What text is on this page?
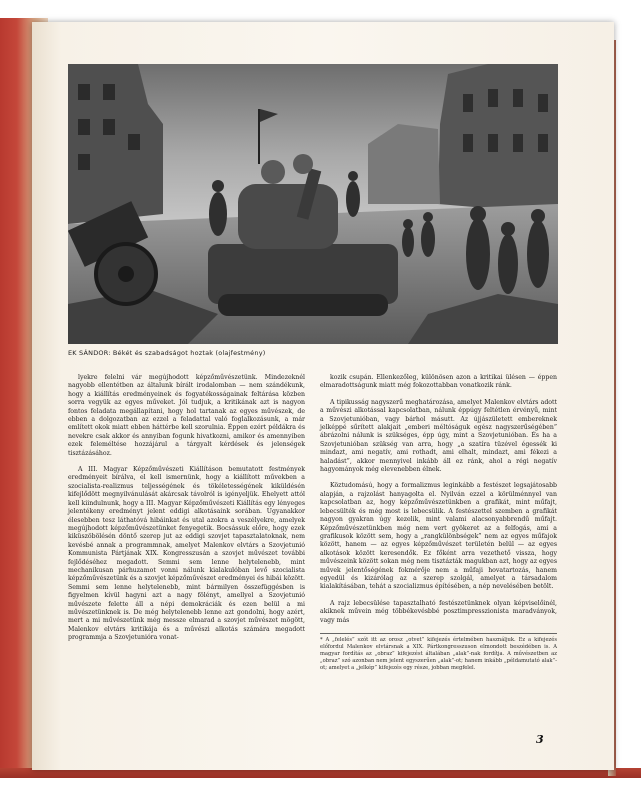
EK SÁNDOR: Békét és szabadságot hoztak (olajfestmény)

lyekre felelni vár megújhodott képzőművészetünk. Mindezeknél nagyobb ellentétben az általunk bírált irodalomban — nem szándékunk, hogy a kiállítás eredményeinek és fogyatékosságainak feltárása közben sorra vegyük az egyes műveket. Jól tudjuk, a kritikának azt is nagyon fontos feladata megállapítani, hogy hol tartanak az egyes művészek, de ebben a dolgozatban az ezzel a feladattal való foglalkozásunk, a már említett okok miatt ebben háttérbe kell szorulnia. Éppen ezért példákra és nevekre csak akkor és annyiban fogunk hivatkozni, amikor és amennyiben ezek feleméltése hozzájárul a tárgyalt kérdések és jelenségek tisztázásához.

A III. Magyar Képzőművészeti Kiállításon bemutatott festmények eredményeit bírálva, el kell ismernünk, hogy a kiállított művekben a szocialista-realizmus teljességének és tökéletességének kiküldésén kifejlődött megnyilvánulását akárcsak távolról is igényeljük. Ehelyett attól kell kiindulnunk, hogy a III. Magyar Képzőművészeti Kiállítás egy lényeges jelentékeny eredményt jelent eddigi alkotásaink sorában. Ugyanakkor élesebben tesz láthatóvá hibáinkat és utal azokra a veszélyekre, amelyek megújhodott képzőművészetünket fenyegetik. Bocsássuk előre, hogy ezek kiküszöbölésén döntő szerep jut az eddigi szovjet tapasztalatoknak, nem kevésbé annak a programmnak, amelyet Malenkov elvtárs a Szovjetunió Kommunista Pártjának XIX. Kongresszusán a szovjet művészet további fejlődéséhez megadott. Semmi sem lenne helytelenebb, mint mechanikusan párhuzamot vonni nálunk kialakulóban levő szocialista képzőművészetünk és a szovjet képzőművészet eredményei és hibái között. Semmi sem lenne helytelenebb, mint bármilyen összefüggésben is figyelmen kívül hagyni azt a nagy fölényt, amellyel a Szovjetunió művészete felette áll a népi demokráciák és ezen belül a mi művészetünknek is. De még helytelenebb lenne azt gondolni, hogy azért, mert a mi művészetünk még messze elmarad a szovjet művészet mögött, Malenkov elvtárs kritikája és a művészi alkotás számára megadott programmja a Szovjetunióra vonat-

kozik csupán. Ellenkezőleg, különösen azon a kritikai ülésen — éppen elmaradottságunk miatt még fokozottabban vonatkozik ránk.

A tipikusság nagyszerű meghatározása, amelyet Malenkov elvtárs adott a művészi alkotással kapcsolatban, nálunk éppúgy feltétlen érvényű, mint a Szovjetunióban, vagy bárhol másutt. Az újjászületett embereknek jelképpé sűrített alakjait „emberi méltóságuk egész nagyszerűségében” ábrázolni nálunk is szükséges, épp úgy, mint a Szovjetunióban. És ha a Szovjetunióban szükség van arra, hogy „a szatíra tüzével égessék ki mindazt, ami negatív, ami rothadt, ami elhalt, mindazt, ami fékezi a haladást”, akkor mennyivel inkább áll ez ránk, ahol a régi negatív hagyományok még elevenebben élnek.

Köztudomású, hogy a formalizmus leginkább a festészet legsajátosabb alapján, a rajzolást hanyagolta el. Nyilván ezzel a körülménnyel van kapcsolatban az, hogy képzőművészetünkben a grafikát, mint műfajt, lebecsülték és még most is lebecsülik. A festészettel szemben a grafikát nagyon gyakran úgy kezelik, mint valami alacsonyabbrendű műfajt. Képzőművészetünkben még nem vert gyökeret az a felfogás, ami a grafikusok között sem, hogy a „rangkülönbségek” nem az egyes műfajok között, hanem — az egyes képzőművészet területén belül — az egyes alkotások között keresendők. Ez főként arra vezethető vissza, hogy művészeink között sokan még nem tisztázták magukban azt, hogy az egyes művek jelentőségének fokmérője nem a műfaji hovatartozás, hanem egyedül és kizárólag az a szerep szolgál, amelyet a társadalom kialakításában, tehát a szocializmus építésében, a nép nevelésében betölt.

A rajz lebecsülése tapasztalható festészetünknek olyan képviselőinél, akiknek művein még többékevésbbé posztimpresszionista maradványok, vagy más

* A „felelés” szót itt az orosz „otvet” kifejezés értelmében használjuk. Ez a kifejezés előfordul Malenkov elvtársnak a XIX. Pártkongresszuson elmondott beszédében is. A magyar fordítás az „obraz” kifejezést általában „alak”-nak fordítja. A művészetben az „obraz” szó azonban nem jelent egyszerűen „alak”-ot; hanem inkább „példamutató alak”-ot; amelyet a „jelkép” kifejezés egy része, jobban megfelel.
3
